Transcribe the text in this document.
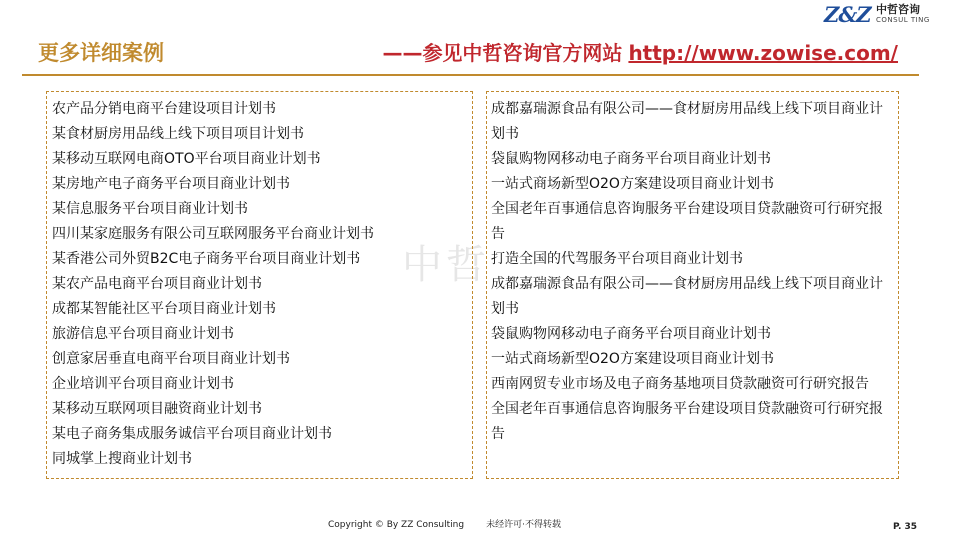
Z&Z 中哲咨询
CONSUL TING
更多详细案例	——参见中哲咨询官方网站 http://www.zowise.com/
中哲
农产品分销电商平台建设项目计划书
某食材厨房用品线上线下项目项目计划书
某移动互联网电商OTO平台项目商业计划书
某房地产电子商务平台项目商业计划书
某信息服务平台项目商业计划书
四川某家庭服务有限公司互联网服务平台商业计划书
某香港公司外贸B2C电子商务平台项目商业计划书
某农产品电商平台项目商业计划书
成都某智能社区平台项目商业计划书
旅游信息平台项目商业计划书
创意家居垂直电商平台项目商业计划书
企业培训平台项目商业计划书
某移动互联网项目融资商业计划书
某电子商务集成服务诚信平台项目商业计划书
同城掌上搜商业计划书
成都嘉瑞源食品有限公司——食材厨房用品线上线下项目商业计划书
袋鼠购物网移动电子商务平台项目商业计划书
一站式商场新型O2O方案建设项目商业计划书
全国老年百事通信息咨询服务平台建设项目贷款融资可行研究报告
打造全国的代驾服务平台项目商业计划书
成都嘉瑞源食品有限公司——食材厨房用品线上线下项目商业计划书
袋鼠购物网移动电子商务平台项目商业计划书
一站式商场新型O2O方案建设项目商业计划书
西南网贸专业市场及电子商务基地项目贷款融资可行研究报告
全国老年百事通信息咨询服务平台建设项目贷款融资可行研究报告
Copyright © By ZZ Consulting 未经许可·不得转载	P. 35
